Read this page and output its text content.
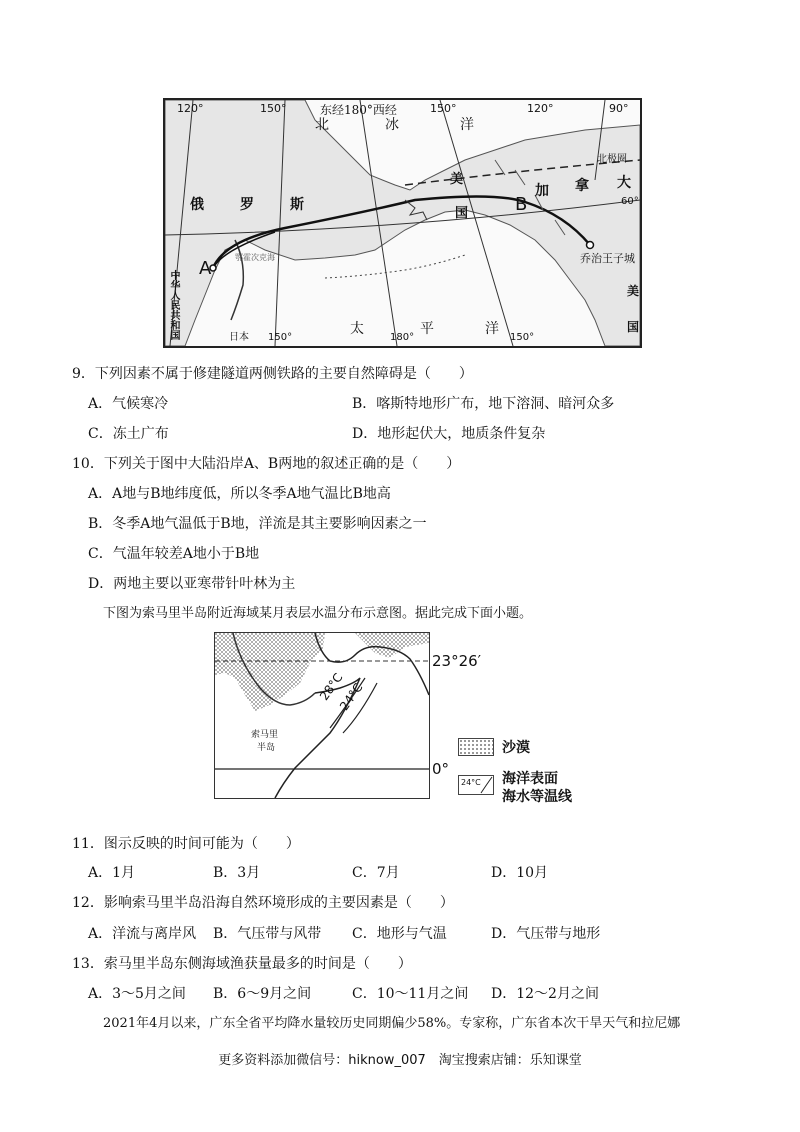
120°	150°	东经180°西经	150°	120°	90°
北	冰	洋
北极圈
美
国
加 拿 大
60°
俄	罗	斯	B
A
鄂霍次克海	乔治王子城
中华人民共和国	日本
太	平	洋
美
国
150°	180°	150°
9．下列因素不属于修建隧道两侧铁路的主要自然障碍是（　　）
A．气候寒冷	B．喀斯特地形广布，地下溶洞、暗河众多
C．冻土广布	D．地形起伏大，地质条件复杂
10．下列关于图中大陆沿岸A、B两地的叙述正确的是（　　）
A．A地与B地纬度低，所以冬季A地气温比B地高
B．冬季A地气温低于B地，洋流是其主要影响因素之一
C．气温年较差A地小于B地
D．两地主要以亚寒带针叶林为主
下图为索马里半岛附近海域某月表层水温分布示意图。据此完成下面小题。
28°C
24°C
索马里
半岛
23°26′
0°
沙漠
24°C 海洋表面
海水等温线
11．图示反映的时间可能为（　　）
A．1月	B．3月	C．7月	D．10月
12．影响索马里半岛沿海自然环境形成的主要因素是（　　）
A．洋流与离岸风 B．气压带与风带 C．地形与气温	D．气压带与地形
13．索马里半岛东侧海域渔获量最多的时间是（　　）
A．3～5月之间 B．6～9月之间	C．10～11月之间 D．12～2月之间
2021年4月以来，广东全省平均降水量较历史同期偏少58%。专家称，广东省本次干旱天气和拉尼娜
更多资料添加微信号：hiknow_007　淘宝搜索店铺：乐知课堂
